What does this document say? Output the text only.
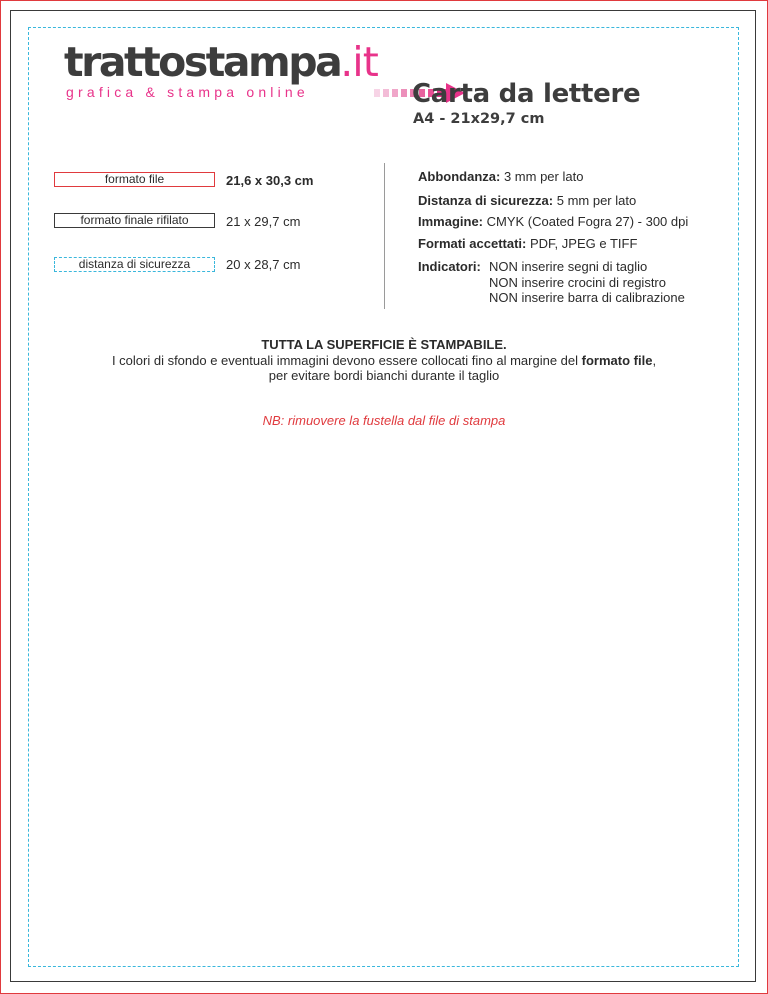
trattostampa.it
grafica & stampa online	Carta da lettere
A4 - 21x29,7 cm
formato file	21,6 x 30,3 cm
formato finale rifilato	21 x 29,7 cm
distanza di sicurezza	20 x 28,7 cm
Abbondanza: 3 mm per lato
Distanza di sicurezza: 5 mm per lato
Immagine: CMYK (Coated Fogra 27) - 300 dpi
Formati accettati: PDF, JPEG e TIFF
Indicatori: NON inserire segni di taglio
NON inserire crocini di registro
NON inserire barra di calibrazione
TUTTA LA SUPERFICIE È STAMPABILE.
I colori di sfondo e eventuali immagini devono essere collocati fino al margine del formato file,
per evitare bordi bianchi durante il taglio
NB: rimuovere la fustella dal file di stampa
